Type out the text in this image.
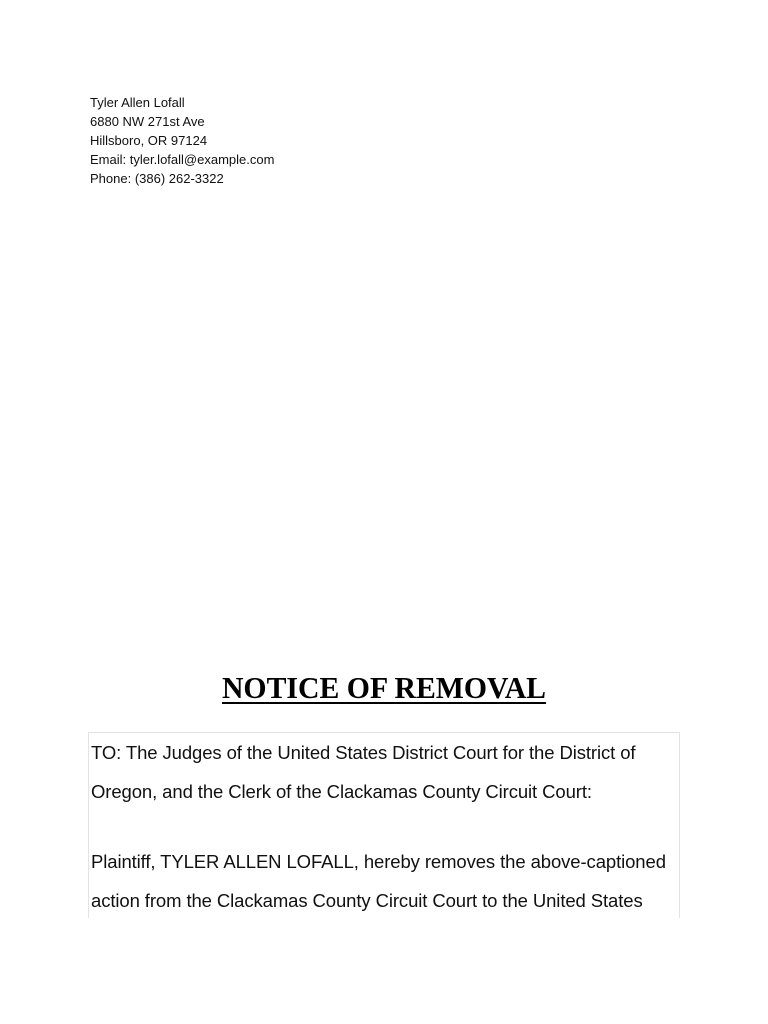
Tyler Allen Lofall
6880 NW 271st Ave
Hillsboro, OR 97124
Email: tyler.lofall@example.com
Phone: (386) 262-3322
NOTICE OF REMOVAL

TO: The Judges of the United States District Court for the District of

Oregon, and the Clerk of the Clackamas County Circuit Court:

Plaintiff, TYLER ALLEN LOFALL, hereby removes the above-captioned

action from the Clackamas County Circuit Court to the United States
